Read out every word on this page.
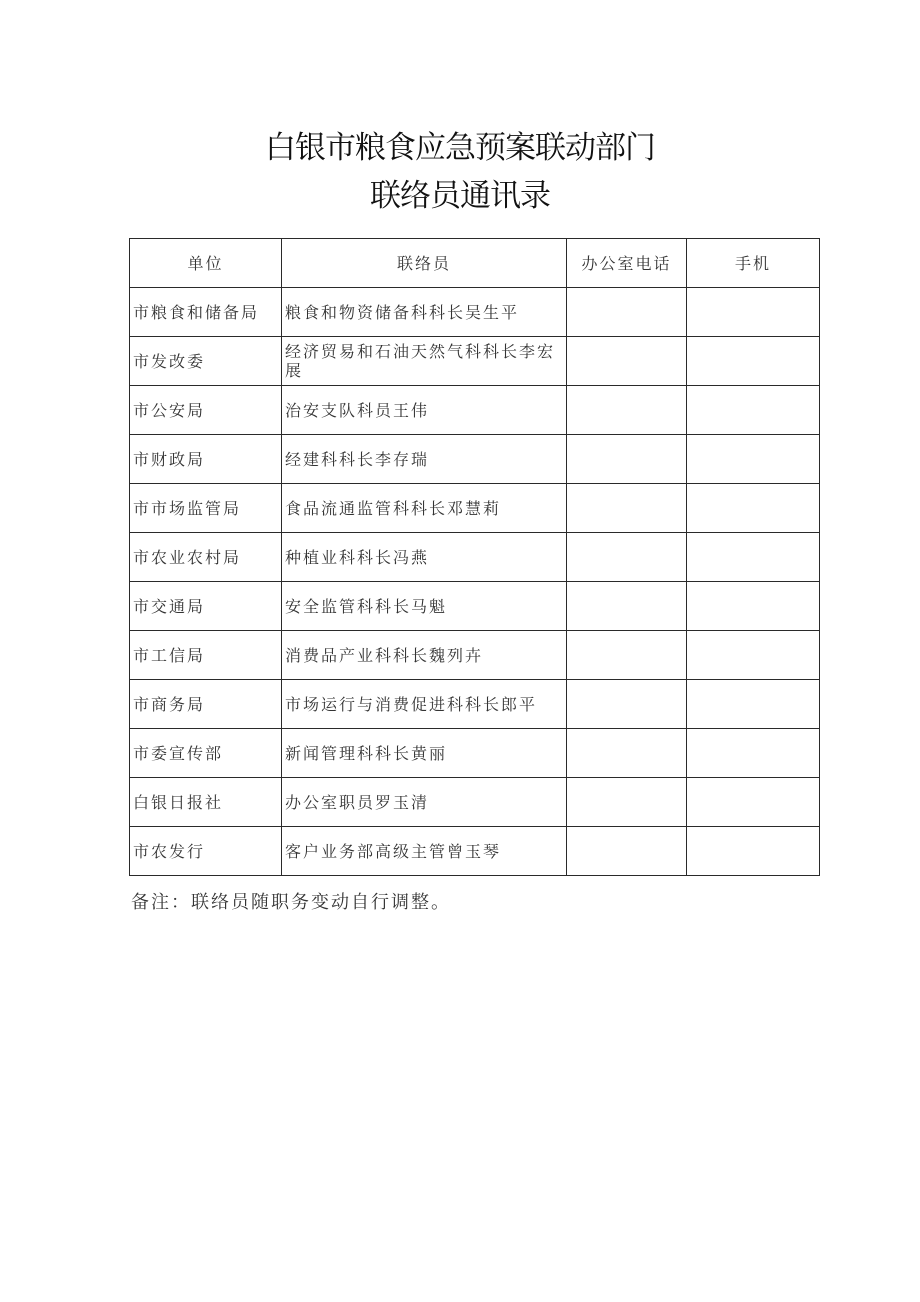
白银市粮食应急预案联动部门
联络员通讯录
单位	联络员	办公室电话	手机
市粮食和储备局	粮食和物资储备科科长吴生平		
市发改委	经济贸易和石油天然气科科长李宏展		
市公安局	治安支队科员王伟		
市财政局	经建科科长李存瑞		
市市场监管局	食品流通监管科科长邓慧莉		
市农业农村局	种植业科科长冯燕		
市交通局	安全监管科科长马魁		
市工信局	消费品产业科科长魏列卉		
市商务局	市场运行与消费促进科科长郎平		
市委宣传部	新闻管理科科长黄丽		
白银日报社	办公室职员罗玉清		
市农发行	客户业务部高级主管曾玉琴		
备注：联络员随职务变动自行调整。
